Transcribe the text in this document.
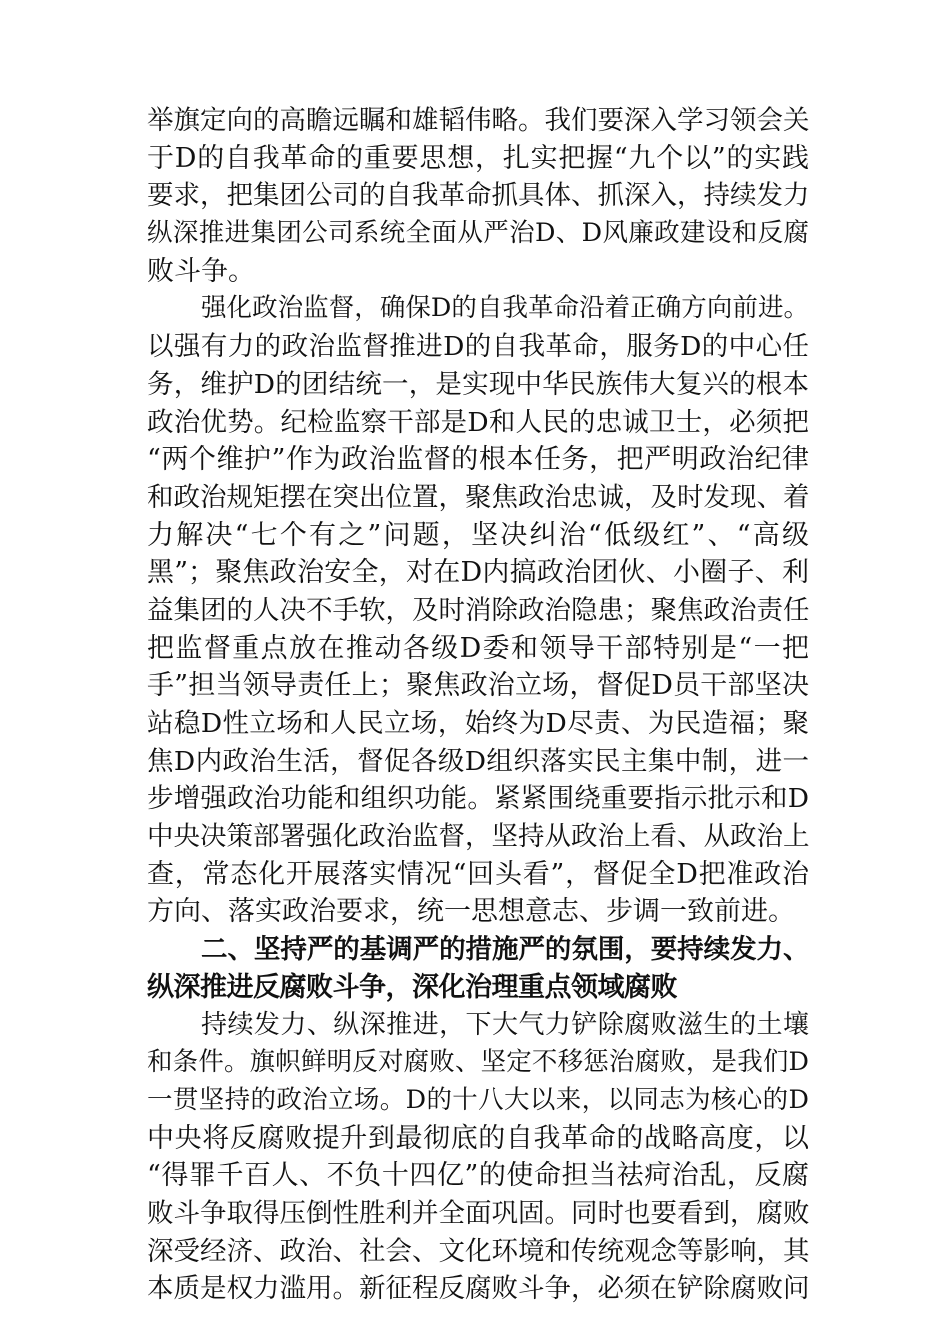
举旗定向的高瞻远瞩和雄韬伟略。我们要深入学习领会关
于D的自我革命的重要思想，扎实把握“九个以”的实践
要求，把集团公司的自我革命抓具体、抓深入，持续发力
纵深推进集团公司系统全面从严治D、D风廉政建设和反腐
败斗争。
强化政治监督，确保D的自我革命沿着正确方向前进。
以强有力的政治监督推进D的自我革命，服务D的中心任
务，维护D的团结统一，是实现中华民族伟大复兴的根本
政治优势。纪检监察干部是D和人民的忠诚卫士，必须把
“两个维护”作为政治监督的根本任务，把严明政治纪律
和政治规矩摆在突出位置，聚焦政治忠诚，及时发现、着
力解决“七个有之”问题，坚决纠治“低级红”、“高级
黑”；聚焦政治安全，对在D内搞政治团伙、小圈子、利
益集团的人决不手软，及时消除政治隐患；聚焦政治责任
把监督重点放在推动各级D委和领导干部特别是“一把
手”担当领导责任上；聚焦政治立场，督促D员干部坚决
站稳D性立场和人民立场，始终为D尽责、为民造福；聚
焦D内政治生活，督促各级D组织落实民主集中制，进一
步增强政治功能和组织功能。紧紧围绕重要指示批示和D
中央决策部署强化政治监督，坚持从政治上看、从政治上
查，常态化开展落实情况“回头看”，督促全D把准政治
方向、落实政治要求，统一思想意志、步调一致前进。
二、坚持严的基调严的措施严的氛围，要持续发力、
纵深推进反腐败斗争，深化治理重点领域腐败
持续发力、纵深推进，下大气力铲除腐败滋生的土壤
和条件。旗帜鲜明反对腐败、坚定不移惩治腐败，是我们D
一贯坚持的政治立场。D的十八大以来，以同志为核心的D
中央将反腐败提升到最彻底的自我革命的战略高度，以
“得罪千百人、不负十四亿”的使命担当祛疴治乱，反腐
败斗争取得压倒性胜利并全面巩固。同时也要看到，腐败
深受经济、政治、社会、文化环境和传统观念等影响，其
本质是权力滥用。新征程反腐败斗争，必须在铲除腐败问
